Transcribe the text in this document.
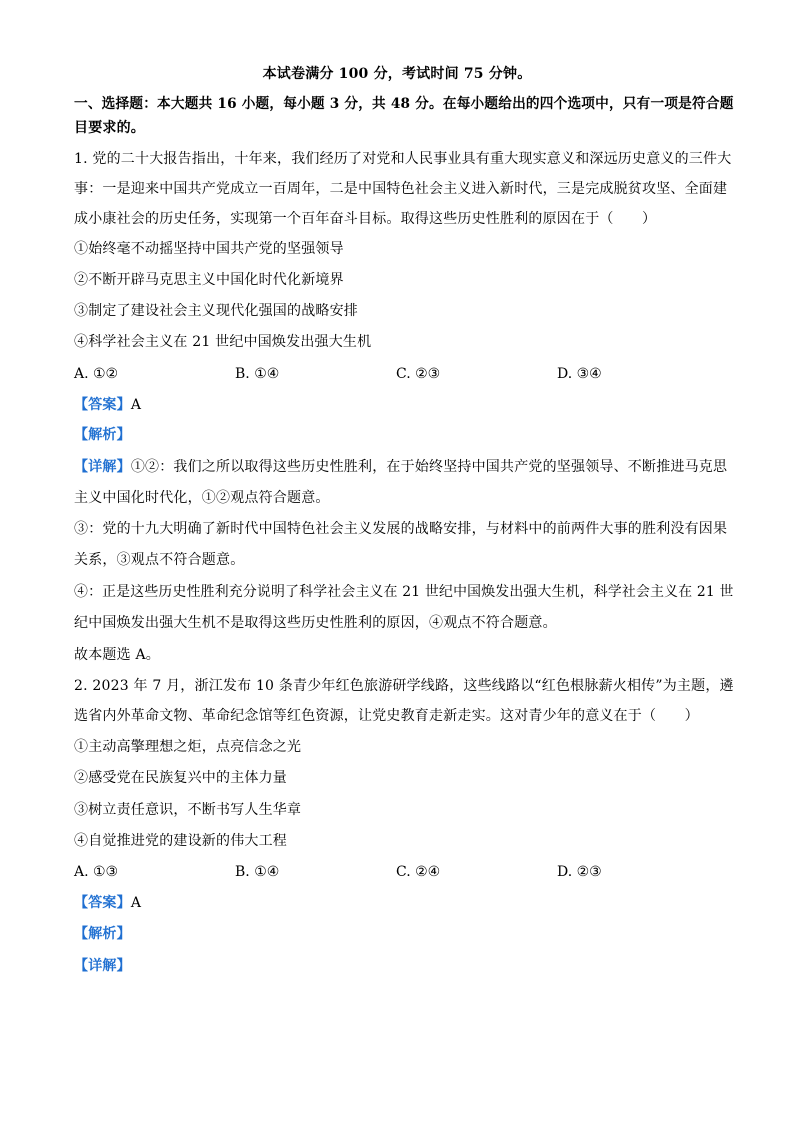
本试卷满分 100 分，考试时间 75 分钟。
一、选择题：本大题共 16 小题，每小题 3 分，共 48 分。在每小题给出的四个选项中，只有一项是符合题
目要求的。
1. 党的二十大报告指出，十年来，我们经历了对党和人民事业具有重大现实意义和深远历史意义的三件大
事：一是迎来中国共产党成立一百周年，二是中国特色社会主义进入新时代，三是完成脱贫攻坚、全面建
成小康社会的历史任务，实现第一个百年奋斗目标。取得这些历史性胜利的原因在于（　　）
①始终毫不动摇坚持中国共产党的坚强领导
②不断开辟马克思主义中国化时代化新境界
③制定了建设社会主义现代化强国的战略安排
④科学社会主义在 21 世纪中国焕发出强大生机
A. ①②	B. ①④	C. ②③	D. ③④
【答案】A
【解析】
【详解】①②：我们之所以取得这些历史性胜利，在于始终坚持中国共产党的坚强领导、不断推进马克思
主义中国化时代化，①②观点符合题意。
③：党的十九大明确了新时代中国特色社会主义发展的战略安排，与材料中的前两件大事的胜利没有因果
关系，③观点不符合题意。
④：正是这些历史性胜利充分说明了科学社会主义在 21 世纪中国焕发出强大生机，科学社会主义在 21 世
纪中国焕发出强大生机不是取得这些历史性胜利的原因，④观点不符合题意。
故本题选 A。
2. 2023 年 7 月，浙江发布 10 条青少年红色旅游研学线路，这些线路以“红色根脉薪火相传”为主题，遴
选省内外革命文物、革命纪念馆等红色资源，让党史教育走新走实。这对青少年的意义在于（　　）
①主动高擎理想之炬，点亮信念之光
②感受党在民族复兴中的主体力量
③树立责任意识，不断书写人生华章
④自觉推进党的建设新的伟大工程
A. ①③	B. ①④	C. ②④	D. ②③
【答案】A
【解析】
【详解】
